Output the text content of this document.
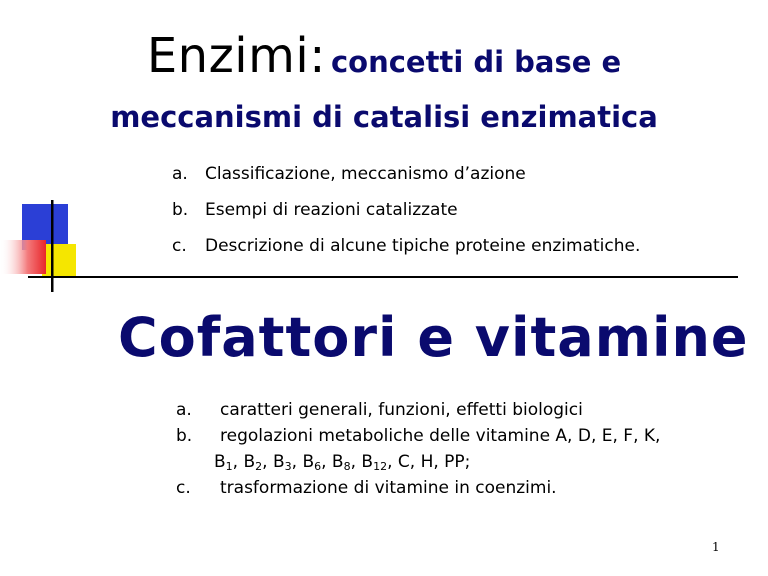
Enzimi: concetti di base e
meccanismi di catalisi enzimatica
a.	Classificazione, meccanismo d’azione
b. Esempi di reazioni catalizzate
c.	Descrizione di alcune tipiche proteine enzimatiche.
Cofattori e vitamine
a.	caratteri generali, funzioni, effetti biologici
b.	regolazioni metaboliche delle vitamine A, D, E, F, K,
$B_1$, $B_2$, $B_3$, $B_6$, $B_8$, $B_{12}$, C, H, PP;
c.	trasformazione di vitamine in coenzimi.
1
